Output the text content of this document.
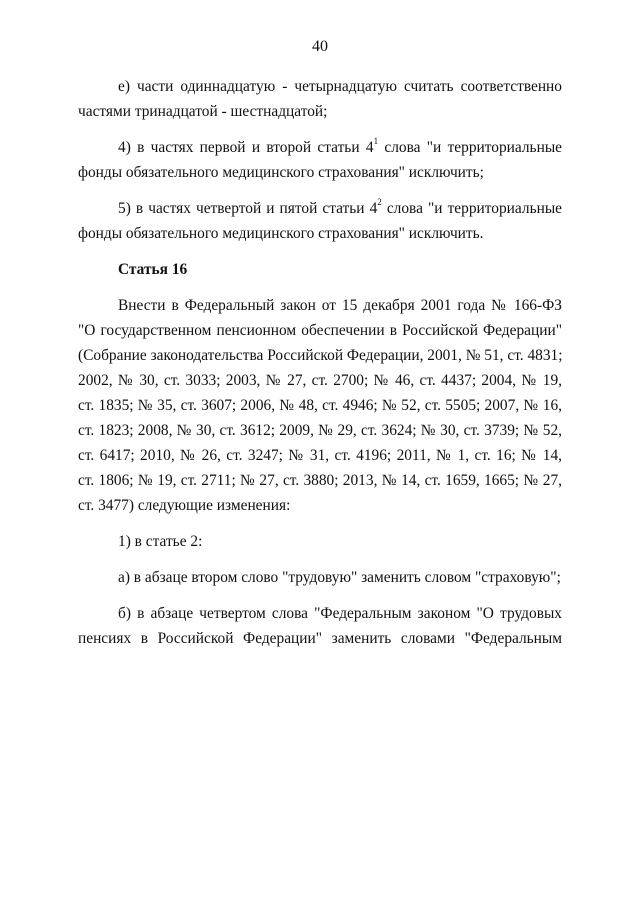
40
е) части одиннадцатую - четырнадцатую считать соответственно
частями тринадцатой - шестнадцатой;
4) в частях первой и второй статьи $4^1$ слова "и территориальные
фонды обязательного медицинского страхования" исключить;
5) в частях четвертой и пятой статьи $4^2$ слова "и территориальные
фонды обязательного медицинского страхования" исключить.
Статья 16
Внести в Федеральный закон от 15 декабря 2001 года № 166-ФЗ
"О государственном пенсионном обеспечении в Российской Федерации"
(Собрание законодательства Российской Федерации, 2001, № 51, ст. 4831;
2002, № 30, ст. 3033; 2003, № 27, ст. 2700; № 46, ст. 4437; 2004, № 19,
ст. 1835; № 35, ст. 3607; 2006, № 48, ст. 4946; № 52, ст. 5505; 2007, № 16,
ст. 1823; 2008, № 30, ст. 3612; 2009, № 29, ст. 3624; № 30, ст. 3739; № 52,
ст. 6417; 2010, № 26, ст. 3247; № 31, ст. 4196; 2011, № 1, ст. 16; № 14,
ст. 1806; № 19, ст. 2711; № 27, ст. 3880; 2013, № 14, ст. 1659, 1665; № 27,
ст. 3477) следующие изменения:
1) в статье 2:
а) в абзаце втором слово "трудовую" заменить словом "страховую";
б) в абзаце четвертом слова "Федеральным законом "О трудовых
пенсиях в Российской Федерации" заменить словами "Федеральным
